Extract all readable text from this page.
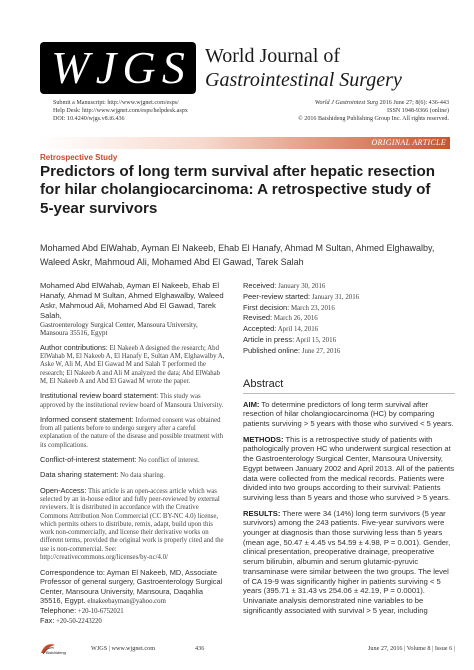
W J G S World Journal of
Gastrointestinal Surgery
Submit a Manuscript: http://www.wjgnet.com/esps/
Help Desk: http://www.wjgnet.com/esps/helpdesk.aspx
DOI: 10.4240/wjgs.v8.i6.436
World J Gastrointest Surg 2016 June 27; 8(6): 436-443
ISSN 1948-9366 (online)
© 2016 Baishideng Publishing Group Inc. All rights reserved.
ORIGINAL ARTICLE
Retrospective Study
Predictors of long term survival after hepatic resection for hilar cholangiocarcinoma: A retrospective study of 5-year survivors
Mohamed Abd ElWahab, Ayman El Nakeeb, Ehab El Hanafy, Ahmad M Sultan, Ahmed Elghawalby, Waleed Askr, Mahmoud Ali, Mohamed Abd El Gawad, Tarek Salah
Mohamed Abd ElWahab, Ayman El Nakeeb, Ehab El Hanafy, Ahmad M Sultan, Ahmed Elghawalby, Waleed Askr, Mahmoud Ali, Mohamed Abd El Gawad, Tarek Salah,
Gastroenterology Surgical Center, Mansoura University, Mansoura 35516, Egypt

Author contributions: El Nakeeb A designed the research; Abd ElWahab M, El Nakeeb A, El Hanafy E, Sultan AM, Elghawalby A, Aske W, Ali M, Abd El Gawad M and Salah T performed the research; El Nakeeb A and Ali M analyzed the data; Abd ElWahab M, El Nakeeb A and Abd El Gawad M wrote the paper.

Institutional review board statement: This study was approved by the institutional review board of Mansoura University.

Informed consent statement: Informed consent was obtained from all patients before to undergo surgery after a careful explanation of the nature of the disease and possible treatment with its complications.

Conflict-of-interest statement: No conflict of interest.

Data sharing statement: No data sharing.

Open-Access: This article is an open-access article which was selected by an in-house editor and fully peer-reviewed by external reviewers. It is distributed in accordance with the Creative Commons Attribution Non Commercial (CC BY-NC 4.0) license, which permits others to distribute, remix, adapt, build upon this work non-commercially, and license their derivative works on different terms, provided the original work is properly cited and the use is non-commercial. See: http://creativecommons.org/licenses/by-nc/4.0/

Correspondence to: Ayman El Nakeeb, MD, Associate Professor of general surgery, Gastroenterology Surgical Center, Mansoura University, Mansoura, Daqahlia 35516, Egypt. elnakeebayman@yahoo.com
Telephone: +20-10-6752021
Fax: +20-50-2243220
Received: January 30, 2016
Peer-review started: January 31, 2016
First decision: March 23, 2016
Revised: March 26, 2016
Accepted: April 14, 2016
Article in press: April 15, 2016
Published online: June 27, 2016
Abstract

AIM: To determine predictors of long term survival after resection of hilar cholangiocarcinoma (HC) by comparing patients surviving > 5 years with those who survived < 5 years.

METHODS: This is a retrospective study of patients with pathologically proven HC who underwent surgical resection at the Gastroenterology Surgical Center, Mansoura University, Egypt between January 2002 and April 2013. All of the patients data were collected from the medical records. Patients were divided into two groups according to their survival: Patients surviving less than 5 years and those who survived > 5 years.

RESULTS: There were 34 (14%) long term survivors (5 year survivors) among the 243 patients. Five-year survivors were younger at diagnosis than those surviving less than 5 years (mean age, 50.47 ± 4.45 vs 54.59 ± 4.98, P = 0.001). Gender, clinical presentation, preoperative drainage, preoperative serum bilirubin, albumin and serum glutamic-pyruvic transaminase were similar between the two groups. The level of CA 19-9 was significantly higher in patients surviving < 5 years (395.71 ± 31.43 vs 254.06 ± 42.19, P = 0.0001). Univariate analysis demonstrated nine variables to be significantly associated with survival > 5 year, including

Baishideng
WJGS | www.wjgnet.com	436	June 27, 2016 | Volume 8 | Issue 6 |
